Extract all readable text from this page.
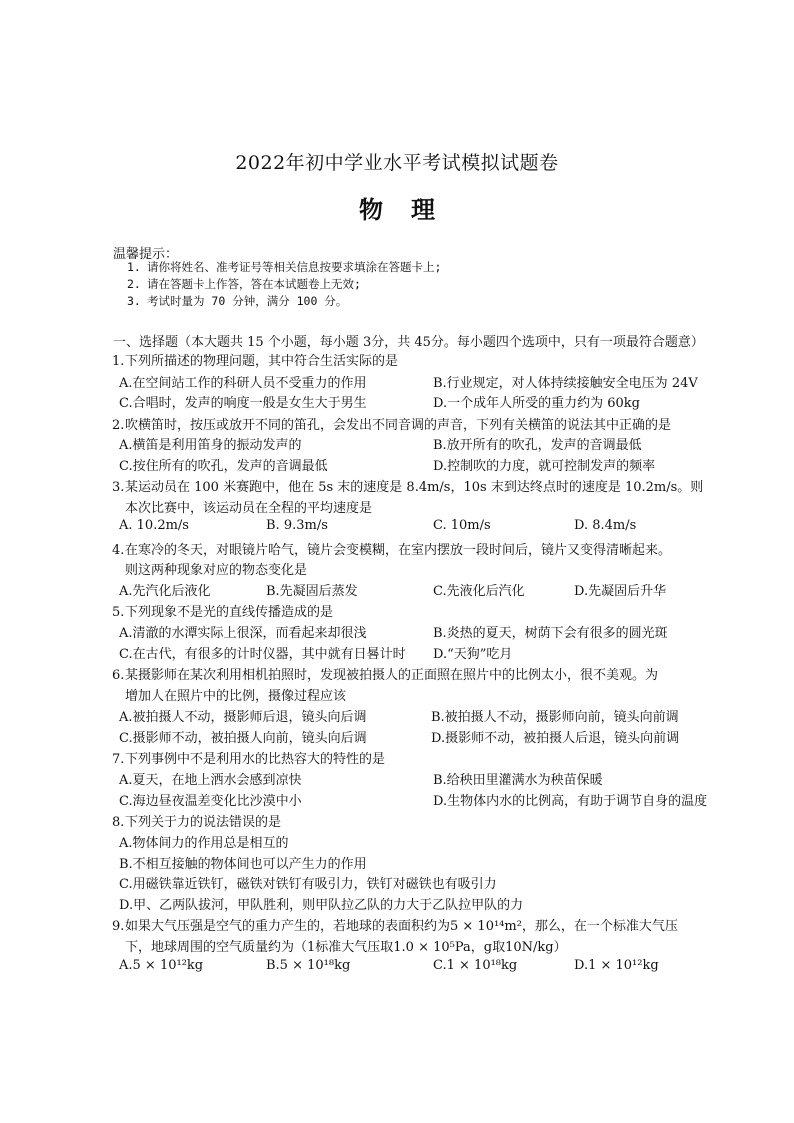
2022年初中学业水平考试模拟试题卷
物理
温馨提示：
1. 请你将姓名、准考证号等相关信息按要求填涂在答题卡上;
2. 请在答题卡上作答，答在本试题卷上无效;
3. 考试时量为 70 分钟，满分 100 分。
一、选择题（本大题共 15 个小题，每小题 3分，共 45分。每小题四个选项中，只有一项最符合题意）
1.下列所描述的物理问题，其中符合生活实际的是
A.在空间站工作的科研人员不受重力的作用	B.行业规定，对人体持续接触安全电压为 24V
C.合唱时，发声的响度一般是女生大于男生	D.一个成年人所受的重力约为 60kg
2.吹横笛时，按压或放开不同的笛孔，会发出不同音调的声音，下列有关横笛的说法其中正确的是
A.横笛是利用笛身的振动发声的	B.放开所有的吹孔，发声的音调最低
C.按住所有的吹孔，发声的音调最低	D.控制吹的力度，就可控制发声的频率
3.某运动员在 100 米赛跑中，他在 5s 末的速度是 8.4m/s，10s 末到达终点时的速度是 10.2m/s。则
本次比赛中，该运动员在全程的平均速度是
A. 10.2m/s	B. 9.3m/s	C. 10m/s	D. 8.4m/s
4.在寒冷的冬天，对眼镜片哈气，镜片会变模糊，在室内摆放一段时间后，镜片又变得清晰起来。
则这两种现象对应的物态变化是
A.先汽化后液化	B.先凝固后蒸发	C.先液化后汽化	D.先凝固后升华
5.下列现象不是光的直线传播造成的是
A.清澈的水潭实际上很深，而看起来却很浅	B.炎热的夏天，树荫下会有很多的圆光斑
C.在古代，有很多的计时仪器，其中就有日晷计时 D.“天狗”吃月
6.某摄影师在某次利用相机拍照时，发现被拍摄人的正面照在照片中的比例太小，很不美观。为
增加人在照片中的比例，摄像过程应该
A.被拍摄人不动，摄影师后退，镜头向后调	B.被拍摄人不动，摄影师向前，镜头向前调
C.摄影师不动，被拍摄人向前，镜头向后调	D.摄影师不动，被拍摄人后退，镜头向前调
7.下列事例中不是利用水的比热容大的特性的是
A.夏天，在地上洒水会感到凉快	B.给秧田里灌满水为秧苗保暖
C.海边昼夜温差变化比沙漠中小	D.生物体内水的比例高，有助于调节自身的温度
8.下列关于力的说法错误的是
A.物体间力的作用总是相互的
B.不相互接触的物体间也可以产生力的作用
C.用磁铁靠近铁钉，磁铁对铁钉有吸引力，铁钉对磁铁也有吸引力
D.甲、乙两队拔河，甲队胜利，则甲队拉乙队的力大于乙队拉甲队的力
9.如果大气压强是空气的重力产生的，若地球的表面积约为5 × 10¹⁴m²，那么，在一个标准大气压
下，地球周围的空气质量约为（1标准大气压取1.0 × 10⁵Pa，g取10N/kg）
A.5 × 10¹²kg	B.5 × 10¹⁸kg	C.1 × 10¹⁸kg	D.1 × 10¹²kg
